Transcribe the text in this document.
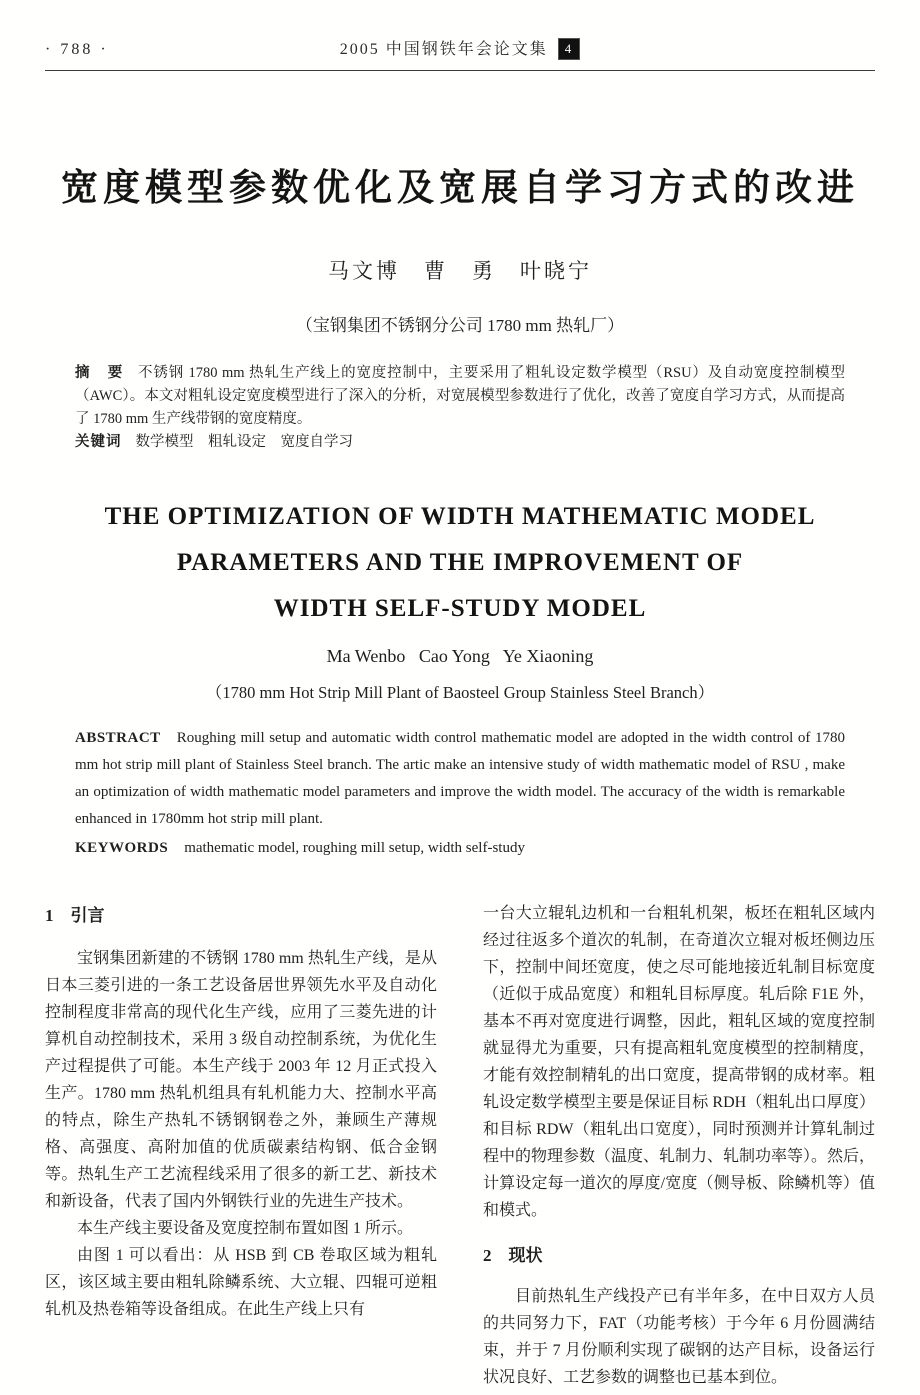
· 788 ·	2005 中国钢铁年会论文集 4
宽度模型参数优化及宽展自学习方式的改进
马文博　曹　勇　叶晓宁
（宝钢集团不锈钢分公司 1780 mm 热轧厂）

摘　要 不锈钢 1780 mm 热轧生产线上的宽度控制中，主要采用了粗轧设定数学模型（RSU）及自动宽度控制模型（AWC）。本文对粗轧设定宽度模型进行了深入的分析，对宽展模型参数进行了优化，改善了宽度自学习方式，从而提高了 1780 mm 生产线带钢的宽度精度。

关键词 数学模型　粗轧设定　宽度自学习

THE OPTIMIZATION OF WIDTH MATHEMATIC MODEL
PARAMETERS AND THE IMPROVEMENT OF
WIDTH SELF-STUDY MODEL
Ma Wenbo   Cao Yong   Ye Xiaoning
（1780 mm Hot Strip Mill Plant of Baosteel Group Stainless Steel Branch）

ABSTRACT Roughing mill setup and automatic width control mathematic model are adopted in the width control of 1780 mm hot strip mill plant of Stainless Steel branch. The artic make an intensive study of width mathematic model of RSU , make an optimization of width mathematic model parameters and improve the width model. The accuracy of the width is remarkable enhanced in 1780mm hot strip mill plant.

KEYWORDS mathematic model, roughing mill setup, width self-study

1　引言

宝钢集团新建的不锈钢 1780 mm 热轧生产线，是从日本三菱引进的一条工艺设备居世界领先水平及自动化控制程度非常高的现代化生产线，应用了三菱先进的计算机自动控制技术，采用 3 级自动控制系统，为优化生产过程提供了可能。本生产线于 2003 年 12 月正式投入生产。1780 mm 热轧机组具有轧机能力大、控制水平高的特点，除生产热轧不锈钢钢卷之外，兼顾生产薄规格、高强度、高附加值的优质碳素结构钢、低合金钢等。热轧生产工艺流程线采用了很多的新工艺、新技术和新设备，代表了国内外钢铁行业的先进生产技术。

本生产线主要设备及宽度控制布置如图 1 所示。

由图 1 可以看出：从 HSB 到 CB 卷取区域为粗轧区，该区域主要由粗轧除鳞系统、大立辊、四辊可逆粗轧机及热卷箱等设备组成。在此生产线上只有

一台大立辊轧边机和一台粗轧机架，板坯在粗轧区域内经过往返多个道次的轧制，在奇道次立辊对板坯侧边压下，控制中间坯宽度，使之尽可能地接近轧制目标宽度（近似于成品宽度）和粗轧目标厚度。轧后除 F1E 外，基本不再对宽度进行调整，因此，粗轧区域的宽度控制就显得尤为重要，只有提高粗轧宽度模型的控制精度，才能有效控制精轧的出口宽度，提高带钢的成材率。粗轧设定数学模型主要是保证目标 RDH（粗轧出口厚度）和目标 RDW（粗轧出口宽度），同时预测并计算轧制过程中的物理参数（温度、轧制力、轧制功率等）。然后，计算设定每一道次的厚度/宽度（侧导板、除鳞机等）值和模式。

2　现状

目前热轧生产线投产已有半年多，在中日双方人员的共同努力下，FAT（功能考核）于今年 6 月份圆满结束，并于 7 月份顺利实现了碳钢的达产目标，设备运行状况良好、工艺参数的调整也已基本到位。
